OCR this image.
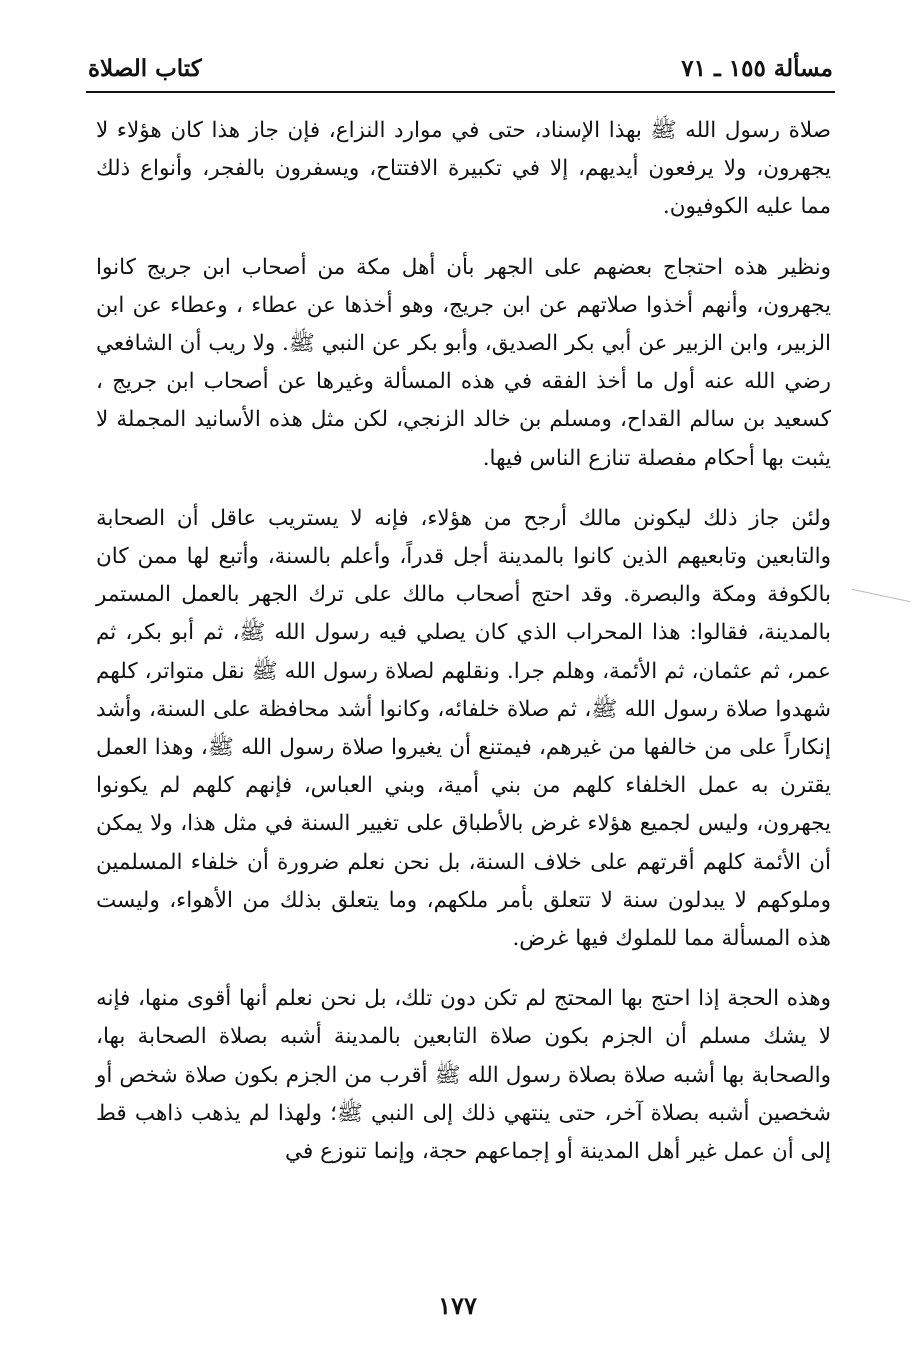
مسألة ١٥٥ ـ ٧١
كتاب الصلاة

صلاة رسول الله ﷺ بهذا الإسناد، حتى في موارد النزاع، فإن جاز هذا كان هؤلاء لا يجهرون، ولا يرفعون أيديهم، إلا في تكبيرة الافتتاح، ويسفرون بالفجر، وأنواع ذلك مما عليه الكوفيون.

ونظير هذه احتجاج بعضهم على الجهر بأن أهل مكة من أصحاب ابن جريج كانوا يجهرون، وأنهم أخذوا صلاتهم عن ابن جريج، وهو أخذها عن عطاء ، وعطاء عن ابن الزبير، وابن الزبير عن أبي بكر الصديق، وأبو بكر عن النبي ﷺ. ولا ريب أن الشافعي رضي الله عنه أول ما أخذ الفقه في هذه المسألة وغيرها عن أصحاب ابن جريج ، كسعيد بن سالم القداح، ومسلم بن خالد الزنجي، لكن مثل هذه الأسانيد المجملة لا يثبت بها أحكام مفصلة تنازع الناس فيها.

ولئن جاز ذلك ليكونن مالك أرجح من هؤلاء، فإنه لا يستريب عاقل أن الصحابة والتابعين وتابعيهم الذين كانوا بالمدينة أجل قدراً، وأعلم بالسنة، وأتبع لها ممن كان بالكوفة ومكة والبصرة. وقد احتج أصحاب مالك على ترك الجهر بالعمل المستمر بالمدينة، فقالوا: هذا المحراب الذي كان يصلي فيه رسول الله ﷺ، ثم أبو بكر، ثم عمر، ثم عثمان، ثم الأئمة، وهلم جرا. ونقلهم لصلاة رسول الله ﷺ نقل متواتر، كلهم شهدوا صلاة رسول الله ﷺ، ثم صلاة خلفائه، وكانوا أشد محافظة على السنة، وأشد إنكاراً على من خالفها من غيرهم، فيمتنع أن يغيروا صلاة رسول الله ﷺ، وهذا العمل يقترن به عمل الخلفاء كلهم من بني أمية، وبني العباس، فإنهم كلهم لم يكونوا يجهرون، وليس لجميع هؤلاء غرض بالأطباق على تغيير السنة في مثل هذا، ولا يمكن أن الأئمة كلهم أقرتهم على خلاف السنة، بل نحن نعلم ضرورة أن خلفاء المسلمين وملوكهم لا يبدلون سنة لا تتعلق بأمر ملكهم، وما يتعلق بذلك من الأهواء، وليست هذه المسألة مما للملوك فيها غرض.

وهذه الحجة إذا احتج بها المحتج لم تكن دون تلك، بل نحن نعلم أنها أقوى منها، فإنه لا يشك مسلم أن الجزم بكون صلاة التابعين بالمدينة أشبه بصلاة الصحابة بها، والصحابة بها أشبه صلاة بصلاة رسول الله ﷺ أقرب من الجزم بكون صلاة شخص أو شخصين أشبه بصلاة آخر، حتى ينتهي ذلك إلى النبي ﷺ؛ ولهذا لم يذهب ذاهب قط إلى أن عمل غير أهل المدينة أو إجماعهم حجة، وإنما تنوزع في

١٧٧
